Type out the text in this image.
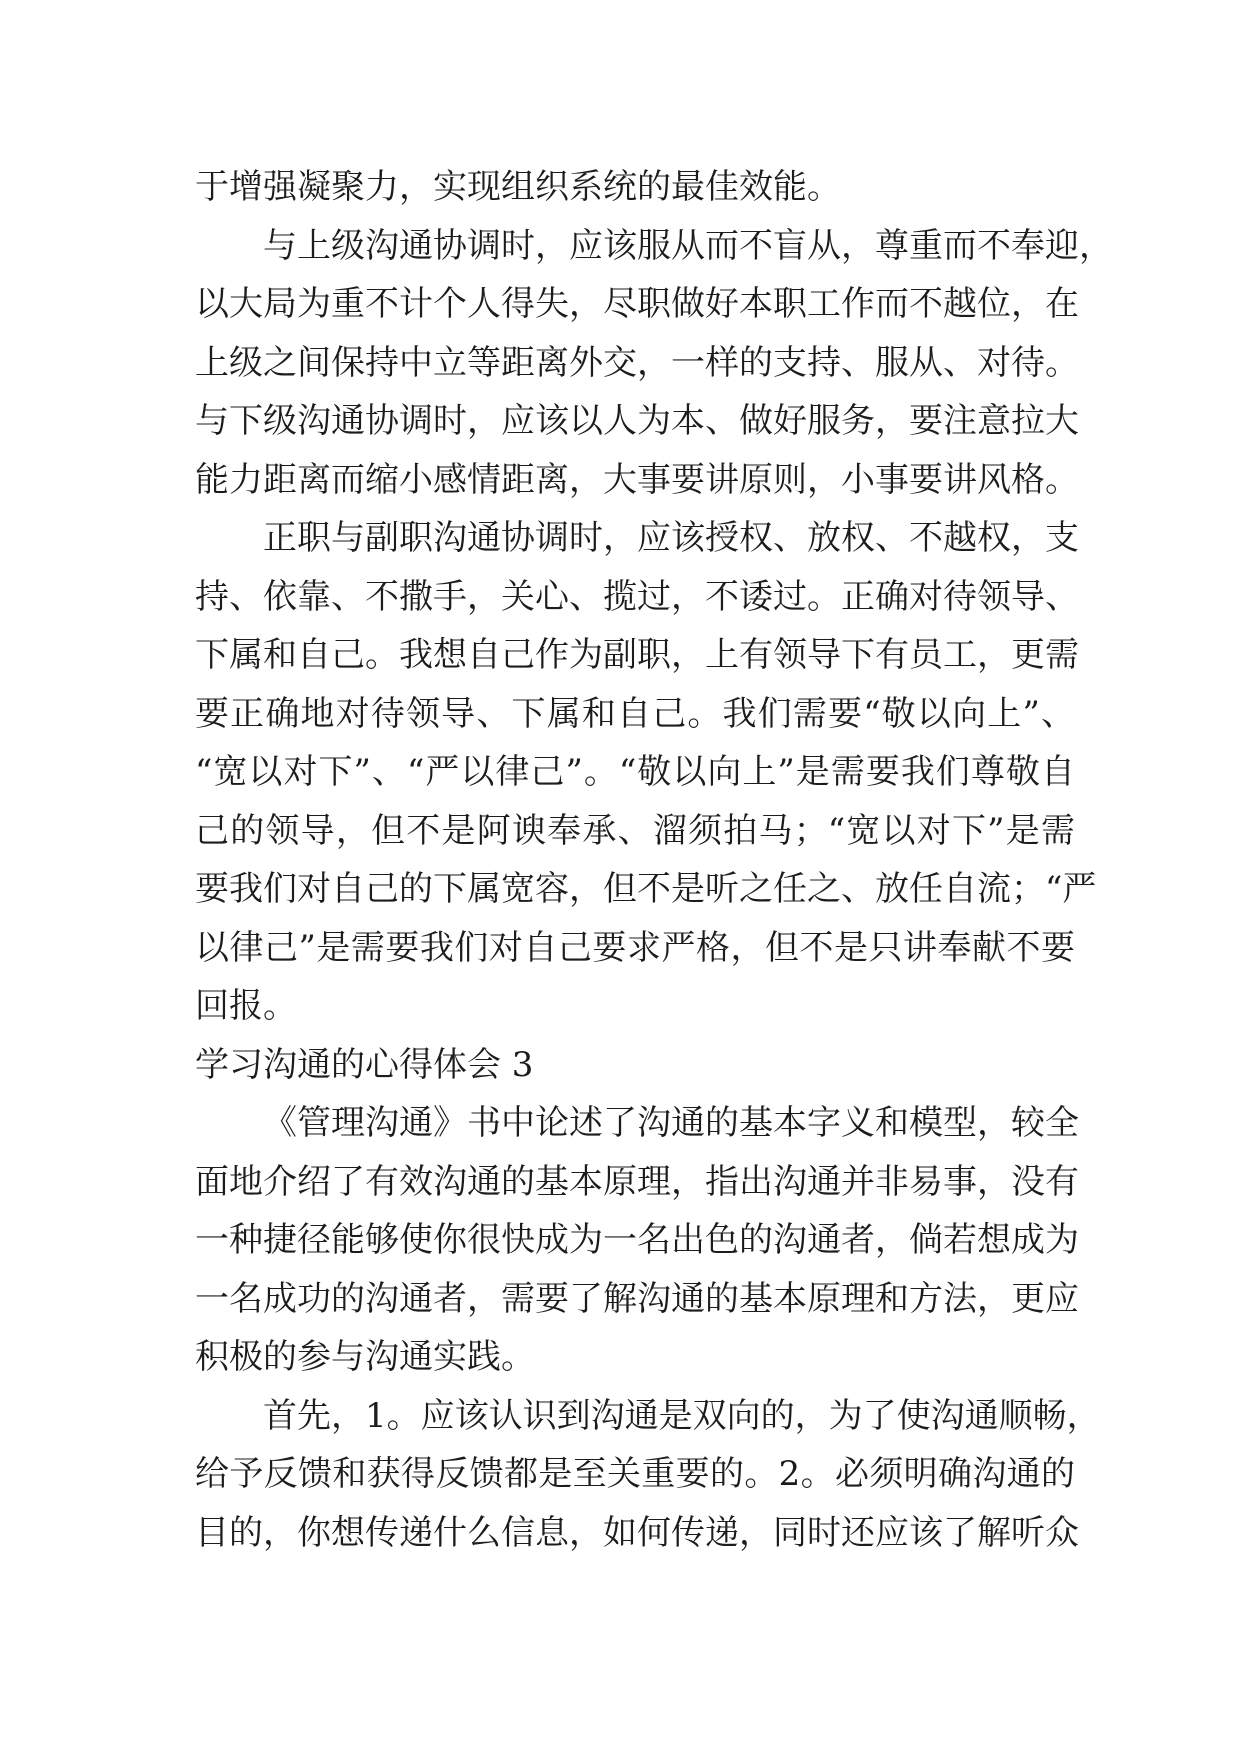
于增强凝聚力，实现组织系统的最佳效能。
与上级沟通协调时，应该服从而不盲从，尊重而不奉迎，
以大局为重不计个人得失，尽职做好本职工作而不越位，在
上级之间保持中立等距离外交，一样的支持、服从、对待。
与下级沟通协调时，应该以人为本、做好服务，要注意拉大
能力距离而缩小感情距离，大事要讲原则，小事要讲风格。
正职与副职沟通协调时，应该授权、放权、不越权，支
持、依靠、不撒手，关心、揽过，不诿过。正确对待领导、
下属和自己。我想自己作为副职，上有领导下有员工，更需
要正确地对待领导、下属和自己。我们需要“敬以向上”、
“宽以对下”、“严以律己”。“敬以向上”是需要我们尊敬自
己的领导，但不是阿谀奉承、溜须拍马；“宽以对下”是需
要我们对自己的下属宽容，但不是听之任之、放任自流；“严
以律己”是需要我们对自己要求严格，但不是只讲奉献不要
回报。
学习沟通的心得体会 3
《管理沟通》书中论述了沟通的基本字义和模型，较全
面地介绍了有效沟通的基本原理，指出沟通并非易事，没有
一种捷径能够使你很快成为一名出色的沟通者，倘若想成为
一名成功的沟通者，需要了解沟通的基本原理和方法，更应
积极的参与沟通实践。
首先，1。应该认识到沟通是双向的，为了使沟通顺畅，
给予反馈和获得反馈都是至关重要的。2。必须明确沟通的
目的，你想传递什么信息，如何传递，同时还应该了解听众
